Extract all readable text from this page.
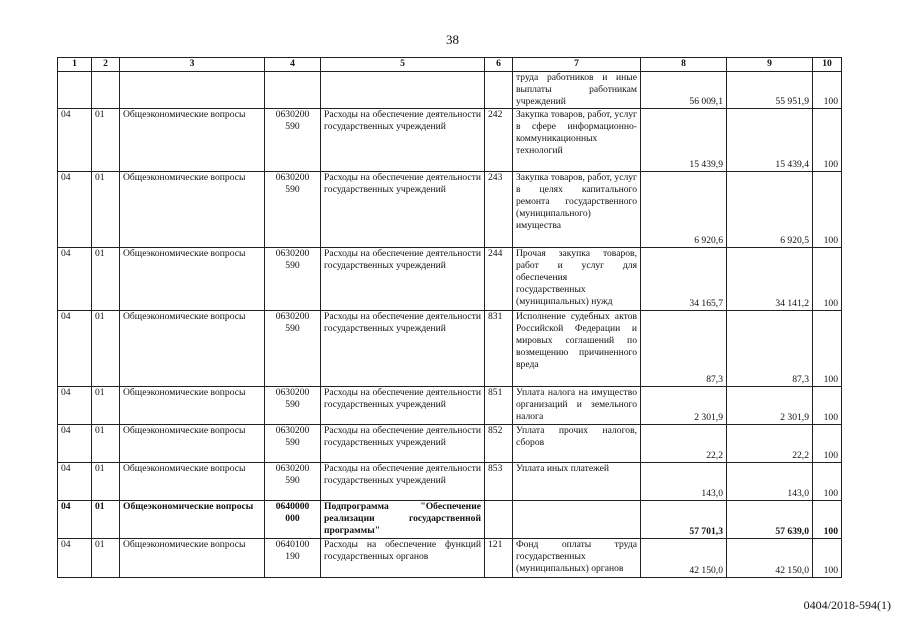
38
1	2	3	4	5	6	7	8	9	10
						труда работников и иные выплаты работникам учреждений	56 009,1	55 951,9	100
04	01	Общеэкономические вопросы	0630200 590	Расходы на обеспечение деятельности государственных учреждений	242	Закупка товаров, работ, услуг в сфере информационно-коммуникационных технологий	15 439,9	15 439,4	100
04	01	Общеэкономические вопросы	0630200 590	Расходы на обеспечение деятельности государственных учреждений	243	Закупка товаров, работ, услуг в целях капитального ремонта государственного (муниципального) имущества	6 920,6	6 920,5	100
04	01	Общеэкономические вопросы	0630200 590	Расходы на обеспечение деятельности государственных учреждений	244	Прочая закупка товаров, работ и услуг для обеспечения государственных (муниципальных) нужд	34 165,7	34 141,2	100
04	01	Общеэкономические вопросы	0630200 590	Расходы на обеспечение деятельности государственных учреждений	831	Исполнение судебных актов Российской Федерации и мировых соглашений по возмещению причиненного вреда	87,3	87,3	100
04	01	Общеэкономические вопросы	0630200 590	Расходы на обеспечение деятельности государственных учреждений	851	Уплата налога на имущество организаций и земельного налога	2 301,9	2 301,9	100
04	01	Общеэкономические вопросы	0630200 590	Расходы на обеспечение деятельности государственных учреждений	852	Уплата прочих налогов, сборов	22,2	22,2	100
04	01	Общеэкономические вопросы	0630200 590	Расходы на обеспечение деятельности государственных учреждений	853	Уплата иных платежей	143,0	143,0	100
04	01	Общеэкономические вопросы	0640000 000	Подпрограмма "Обеспечение реализации государственной программы"			57 701,3	57 639,0	100
04	01	Общеэкономические вопросы	0640100 190	Расходы на обеспечение функций государственных органов	121	Фонд оплаты труда государственных (муниципальных) органов	42 150,0	42 150,0	100
0404/2018-594(1)
